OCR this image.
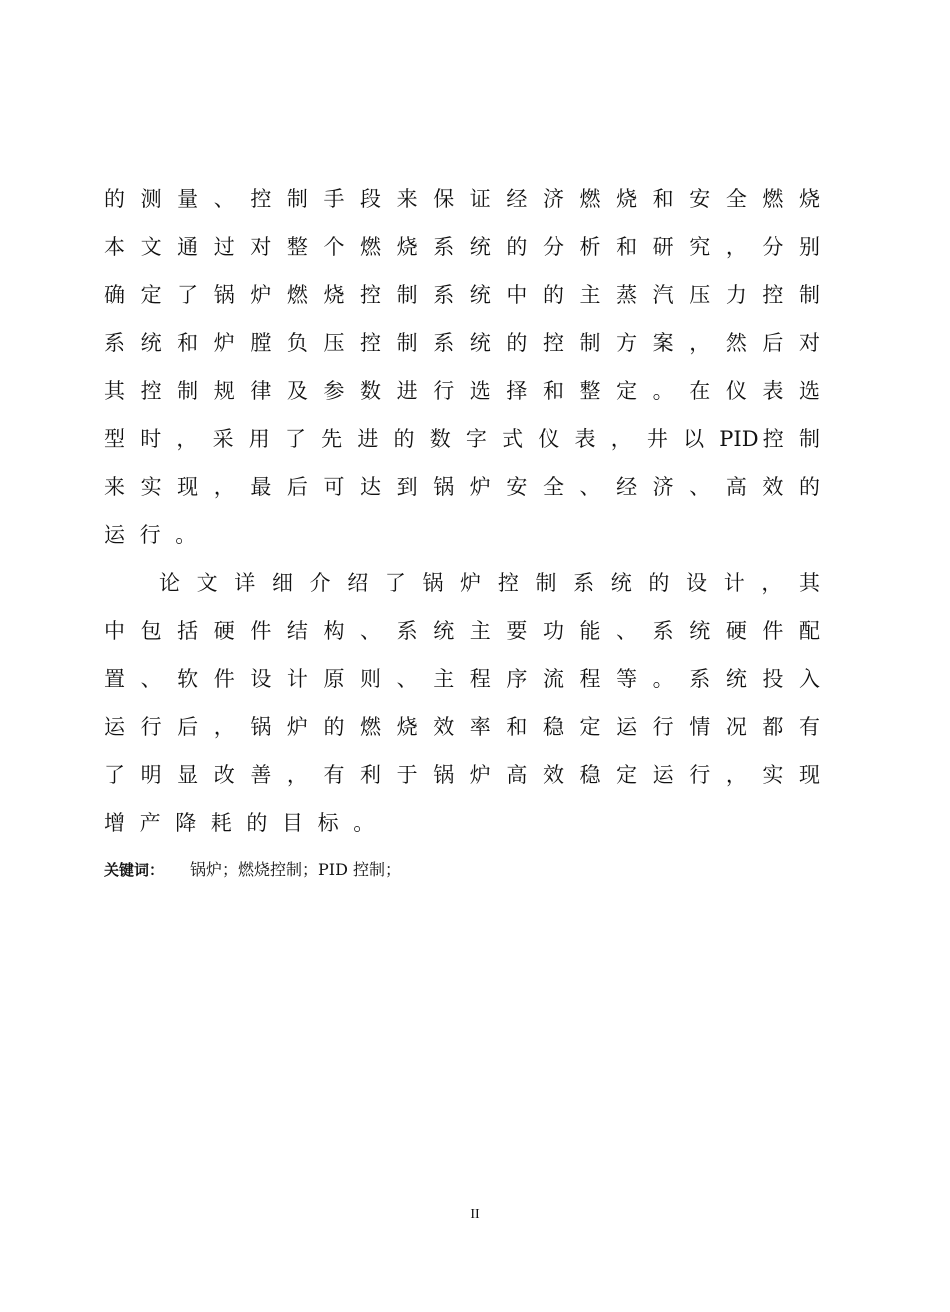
的 测 量 、 控 制 手 段 来 保 证 经 济 燃 烧 和 安 全 燃 烧
本 文 通 过 对 整 个 燃 烧 系 统 的 分 析 和 研 究 ， 分 别
确 定 了 锅 炉 燃 烧 控 制 系 统 中 的 主 蒸 汽 压 力 控 制
系 统 和 炉 膛 负 压 控 制 系 统 的 控 制 方 案 ， 然 后 对
其 控 制 规 律 及 参 数 进 行 选 择 和 整 定 。 在 仪 表 选
型 时 ， 采 用 了 先 进 的 数 字 式 仪 表 ， 井 以 PID控 制
来 实 现 ， 最 后 可 达 到 锅 炉 安 全 、 经 济 、 高 效 的
运行。
论 文 详 细 介 绍 了 锅 炉 控 制 系 统 的 设 计 ， 其
中 包 括 硬 件 结 构 、 系 统 主 要 功 能 、 系 统 硬 件 配
置 、 软 件 设 计 原 则 、 主 程 序 流 程 等 。 系 统 投 入
运 行 后 ， 锅 炉 的 燃 烧 效 率 和 稳 定 运 行 情 况 都 有
了 明 显 改 善 ， 有 利 于 锅 炉 高 效 稳 定 运 行 ， 实 现
增产降耗的目标。
关键词： 锅炉；燃烧控制；PID 控制；
II
